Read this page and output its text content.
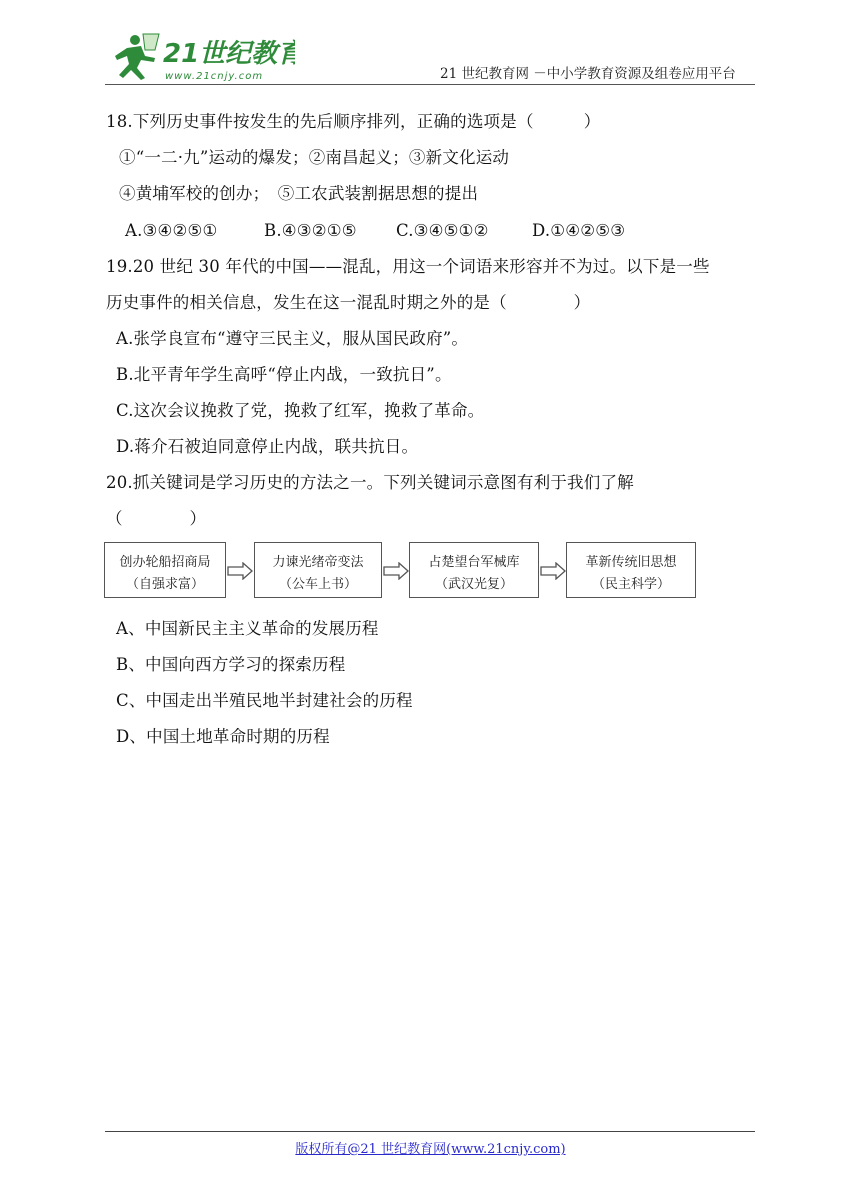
21世纪教育
www.21cnjy.com	21 世纪教育网 －中小学教育资源及组卷应用平台
18.下列历史事件按发生的先后顺序排列，正确的选项是（　　　）
①“一二·九”运动的爆发；②南昌起义；③新文化运动
④黄埔军校的创办；　⑤工农武装割据思想的提出
A.③④②⑤①	B.④③②①⑤ C.③④⑤①②	D.①④②⑤③
19.20 世纪 30 年代的中国——混乱，用这一个词语来形容并不为过。以下是一些
历史事件的相关信息，发生在这一混乱时期之外的是（　　　　）
A.张学良宣布“遵守三民主义，服从国民政府”。
B.北平青年学生高呼“停止内战，一致抗日”。
C.这次会议挽救了党，挽救了红军，挽救了革命。
D.蒋介石被迫同意停止内战，联共抗日。
20.抓关键词是学习历史的方法之一。下列关键词示意图有利于我们了解
（　　　　）
创办轮船招商局
（自强求富）
力谏光绪帝变法
（公车上书）
占楚望台军械库
（武汉光复）
革新传统旧思想
（民主科学）
A、中国新民主主义革命的发展历程
B、中国向西方学习的探索历程
C、中国走出半殖民地半封建社会的历程
D、中国土地革命时期的历程
版权所有@21 世纪教育网(www.21cnjy.com)
